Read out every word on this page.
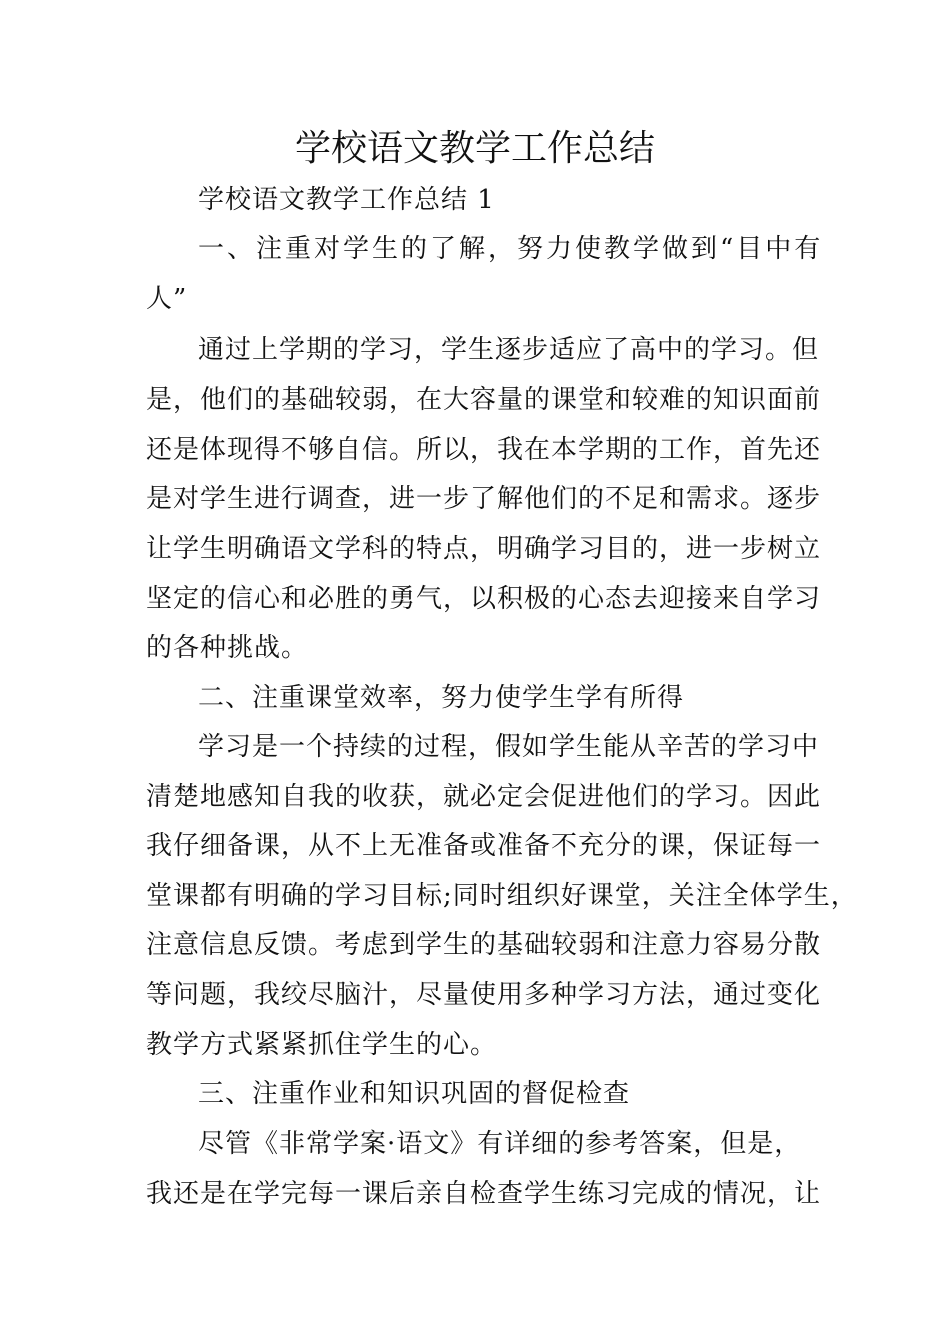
学校语文教学工作总结
学校语文教学工作总结 1
一、注重对学生的了解，努力使教学做到“目中有
人”
通过上学期的学习，学生逐步适应了高中的学习。但
是，他们的基础较弱，在大容量的课堂和较难的知识面前
还是体现得不够自信。所以，我在本学期的工作，首先还
是对学生进行调查，进一步了解他们的不足和需求。逐步
让学生明确语文学科的特点，明确学习目的，进一步树立
坚定的信心和必胜的勇气，以积极的心态去迎接来自学习
的各种挑战。
二、注重课堂效率，努力使学生学有所得
学习是一个持续的过程，假如学生能从辛苦的学习中
清楚地感知自我的收获，就必定会促进他们的学习。因此
我仔细备课，从不上无准备或准备不充分的课，保证每一
堂课都有明确的学习目标;同时组织好课堂，关注全体学生，
注意信息反馈。考虑到学生的基础较弱和注意力容易分散
等问题，我绞尽脑汁，尽量使用多种学习方法，通过变化
教学方式紧紧抓住学生的心。
三、注重作业和知识巩固的督促检查
尽管《非常学案·语文》有详细的参考答案，但是，
我还是在学完每一课后亲自检查学生练习完成的情况，让
